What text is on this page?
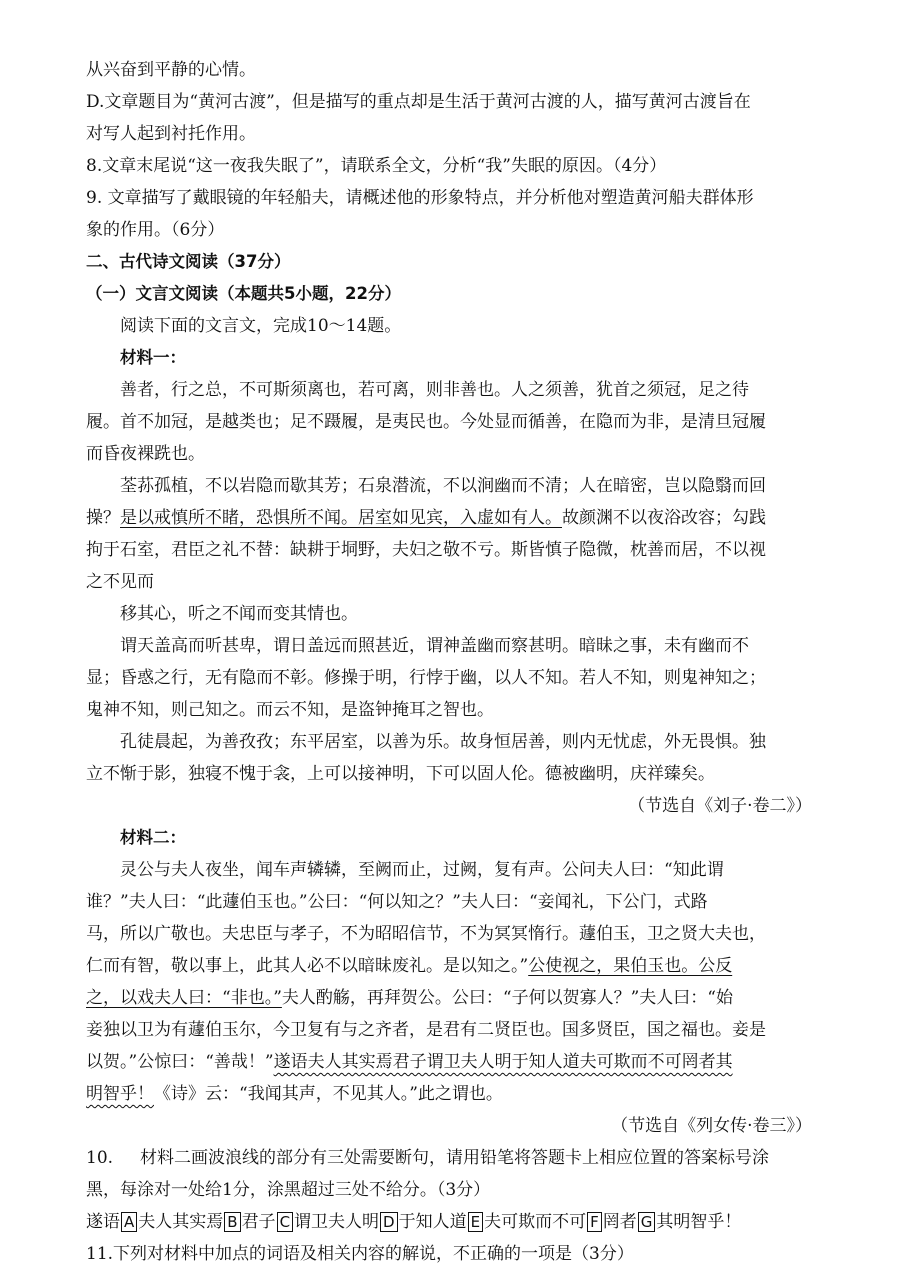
从兴奋到平静的心情。
D.文章题目为“黄河古渡”，但是描写的重点却是生活于黄河古渡的人，描写黄河古渡旨在
对写人起到衬托作用。
8.文章末尾说“这一夜我失眠了”，请联系全文，分析“我”失眠的原因。（4分）
9. 文章描写了戴眼镜的年轻船夫，请概述他的形象特点，并分析他对塑造黄河船夫群体形
象的作用。（6分）
二、古代诗文阅读（37分）
（一）文言文阅读（本题共5小题，22分）
阅读下面的文言文，完成10～14题。
材料一：
善者，行之总，不可斯须离也，若可离，则非善也。人之须善，犹首之须冠，足之待
履。首不加冠，是越类也；足不蹑履，是夷民也。今处显而循善，在隐而为非，是清旦冠履
而昏夜裸跣也。
荃荪孤植，不以岩隐而歇其芳；石泉潜流，不以涧幽而不清；人在暗密，岂以隐翳而回
操？是以戒慎所不睹，恐惧所不闻。居室如见宾，入虚如有人。故颜渊不以夜浴改容；勾践
拘于石室，君臣之礼不替：缺耕于垌野，夫妇之敬不亏。斯皆慎子隐微，枕善而居，不以视
之不见而
移其心，听之不闻而变其情也。
谓天盖高而听甚卑，谓日盖远而照甚近，谓神盖幽而察甚明。暗昧之事，未有幽而不
显；昏惑之行，无有隐而不彰。修操于明，行悖于幽，以人不知。若人不知，则鬼神知之；
鬼神不知，则己知之。而云不知，是盗钟掩耳之智也。
孔徒晨起，为善孜孜；东平居室，以善为乐。故身恒居善，则内无忧虑，外无畏惧。独
立不惭于影，独寝不愧于衾，上可以接神明，下可以固人伦。德被幽明，庆祥臻矣。
（节选自《刘子·卷二》）
材料二：
灵公与夫人夜坐，闻车声辚辚，至阙而止，过阙，复有声。公问夫人曰：“知此谓
谁？”夫人曰：“此蘧伯玉也。”公曰：“何以知之？”夫人曰：“妾闻礼，下公门，式路
马，所以广敬也。夫忠臣与孝子，不为昭昭信节，不为冥冥惰行。蘧伯玉，卫之贤大夫也，
仁而有智，敬以事上，此其人必不以暗昧废礼。是以知之。”公使视之，果伯玉也。公反
之，以戏夫人曰：“非也。”夫人酌觞，再拜贺公。公曰：“子何以贺寡人？”夫人曰：“始
妾独以卫为有蘧伯玉尔，今卫复有与之齐者，是君有二贤臣也。国多贤臣，国之福也。妾是
以贺。”公惊曰：“善哉！”遂语夫人其实焉君子谓卫夫人明于知人道夫可欺而不可罔者其
明智乎！《诗》云：“我闻其声，不见其人。”此之谓也。
（节选自《列女传·卷三》）
10.     材料二画波浪线的部分有三处需要断句，请用铅笔将答题卡上相应位置的答案标号涂
黑，每涂对一处给1分，涂黑超过三处不给分。（3分）
遂语 A 夫人其实焉 B 君子 C 谓卫夫人明 D 于知人道 E 夫可欺而不可 F 罔者 G 其明智乎！
11.下列对材料中加点的词语及相关内容的解说，不正确的一项是（3分）
